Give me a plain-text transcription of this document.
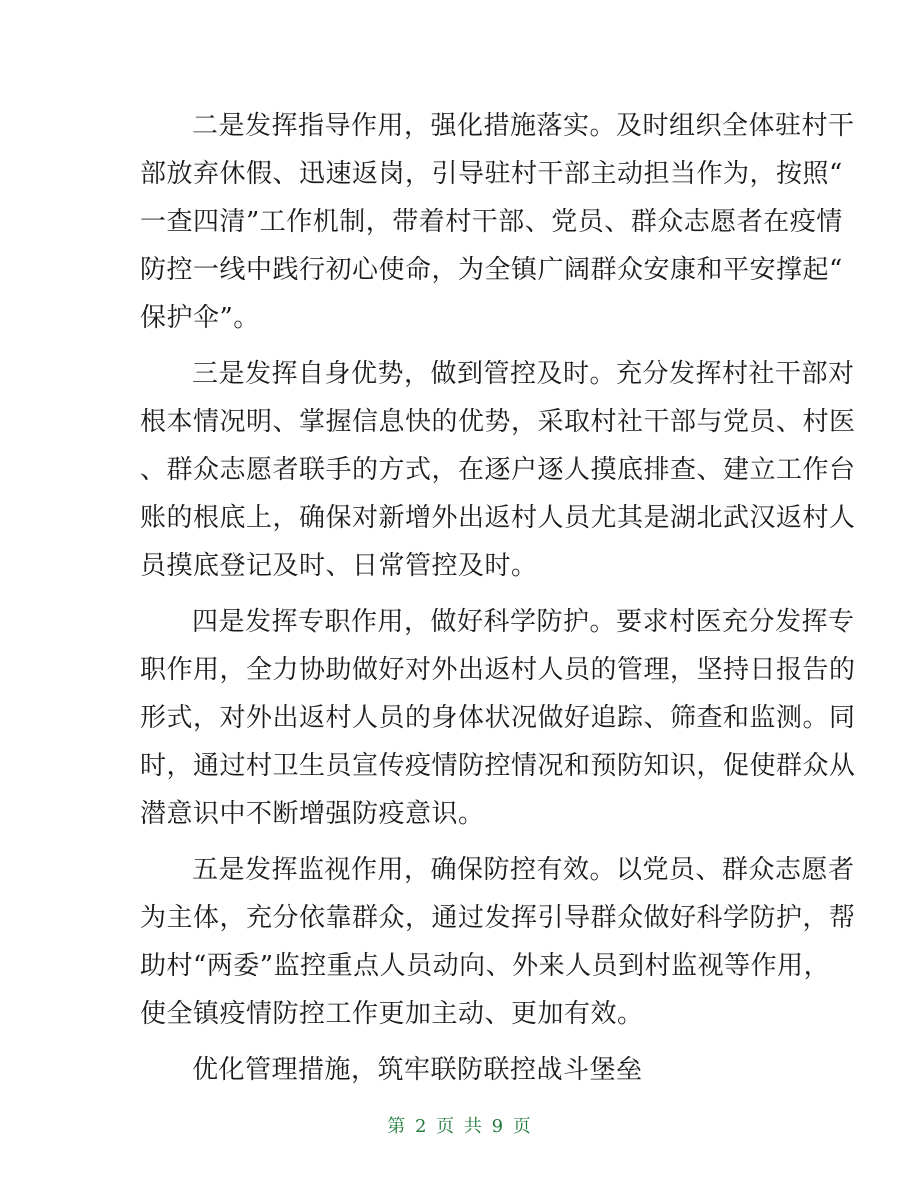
二是发挥指导作用，强化措施落实。及时组织全体驻村干
部放弃休假、迅速返岗，引导驻村干部主动担当作为，按照“
一查四清”工作机制，带着村干部、党员、群众志愿者在疫情
防控一线中践行初心使命，为全镇广阔群众安康和平安撑起“
保护伞”。
三是发挥自身优势，做到管控及时。充分发挥村社干部对
根本情况明、掌握信息快的优势，采取村社干部与党员、村医
、群众志愿者联手的方式，在逐户逐人摸底排查、建立工作台
账的根底上，确保对新增外出返村人员尤其是湖北武汉返村人
员摸底登记及时、日常管控及时。
四是发挥专职作用，做好科学防护。要求村医充分发挥专
职作用，全力协助做好对外出返村人员的管理，坚持日报告的
形式，对外出返村人员的身体状况做好追踪、筛查和监测。同
时，通过村卫生员宣传疫情防控情况和预防知识，促使群众从
潜意识中不断增强防疫意识。
五是发挥监视作用，确保防控有效。以党员、群众志愿者
为主体，充分依靠群众，通过发挥引导群众做好科学防护，帮
助村“两委”监控重点人员动向、外来人员到村监视等作用，
使全镇疫情防控工作更加主动、更加有效。
优化管理措施，筑牢联防联控战斗堡垒
第 2 页 共 9 页
